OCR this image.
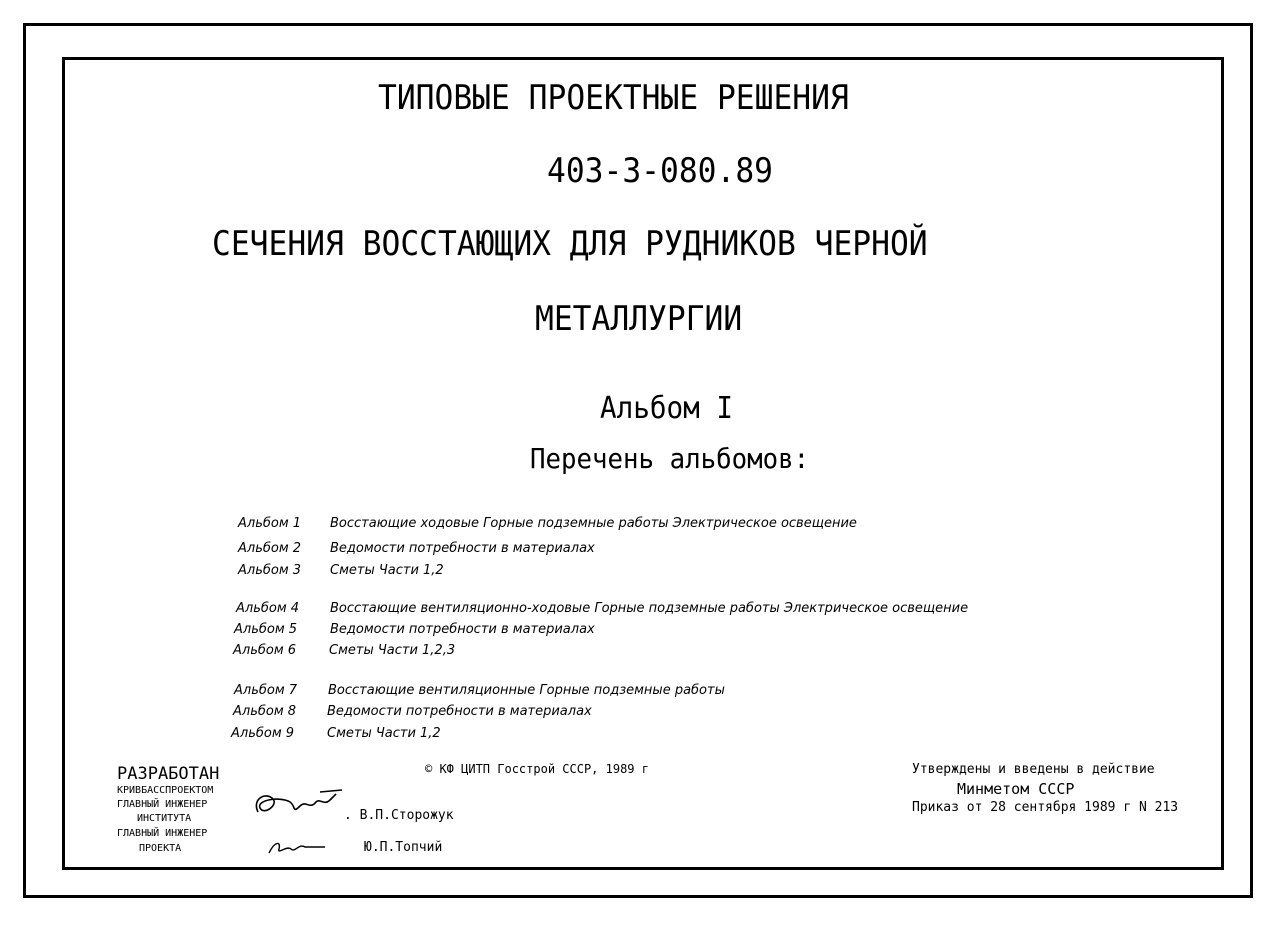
ТИПОВЫЕ ПРОЕКТНЫЕ РЕШЕНИЯ
403-3-080.89
СЕЧЕНИЯ ВОССТАЮЩИХ ДЛЯ РУДНИКОВ ЧЕРНОЙ
МЕТАЛЛУРГИИ
Альбом I
Перечень альбомов:
Альбом 1 Восстающие ходовые Горные подземные работы Электрическое освещение
Альбом 2 Ведомости потребности в материалах
Альбом 3 Сметы Части 1,2
Альбом 4 Восстающие вентиляционно-ходовые Горные подземные работы Электрическое освещение
Альбом 5	Ведомости потребности в материалах
Альбом 6	Сметы Части 1,2,3
Альбом 7 Восстающие вентиляционные Горные подземные работы
Альбом 8 Ведомости потребности в материалах
Альбом 9	Сметы Части 1,2
РАЗРАБОТАН
КРИВБАССПРОЕКТОМ
ГЛАВНЫЙ ИНЖЕНЕР
ИНСТИТУТА
ГЛАВНЫЙ ИНЖЕНЕР
ПРОЕКТА
. В.П.Сторожук
Ю.П.Топчий
© КФ ЦИТП Госстрой СССР, 1989 г	Утверждены и введены в действие
Минметом СССР
Приказ от 28 сентября 1989 г N 213
